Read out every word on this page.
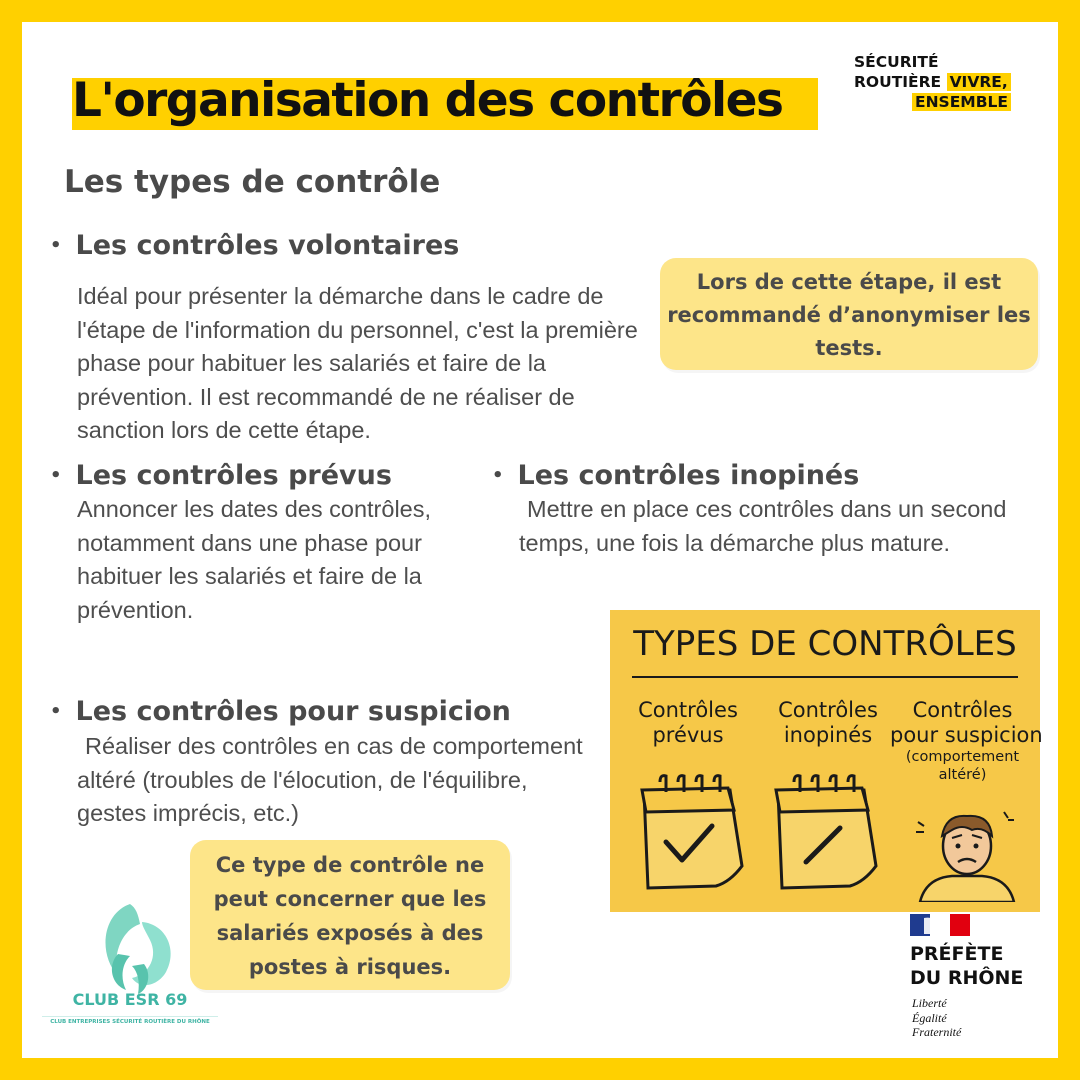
L'organisation des contrôles
SÉCURITÉ
ROUTIÈRE VIVRE,
ENSEMBLE
Les types de contrôle
• Les contrôles volontaires
Idéal pour présenter la démarche dans le cadre de l'étape de l'information du personnel, c'est la première phase pour habituer les salariés et faire de la prévention. Il est recommandé de ne réaliser de sanction lors de cette étape.
Lors de cette étape, il est recommandé d’anonymiser les tests.
• Les contrôles prévus
Annoncer les dates des contrôles, notamment dans une phase pour habituer les salariés et faire de la prévention.
• Les contrôles inopinés
Mettre en place ces contrôles dans un second temps, une fois la démarche plus mature.
• Les contrôles pour suspicion
Réaliser des contrôles en cas de comportement altéré (troubles de l'élocution, de l'équilibre, gestes imprécis, etc.)
Ce type de contrôle ne peut concerner que les salariés exposés à des postes à risques.
TYPES DE CONTRÔLES
Contrôles
prévus
Contrôles
inopinés
Contrôles
pour suspicion
(comportement
altéré)
CLUB ESR 69
CLUB ENTREPRISES SÉCURITÉ ROUTIÈRE DU RHÔNE
PRÉFÈTE
DU RHÔNE
Liberté
Égalité
Fraternité
